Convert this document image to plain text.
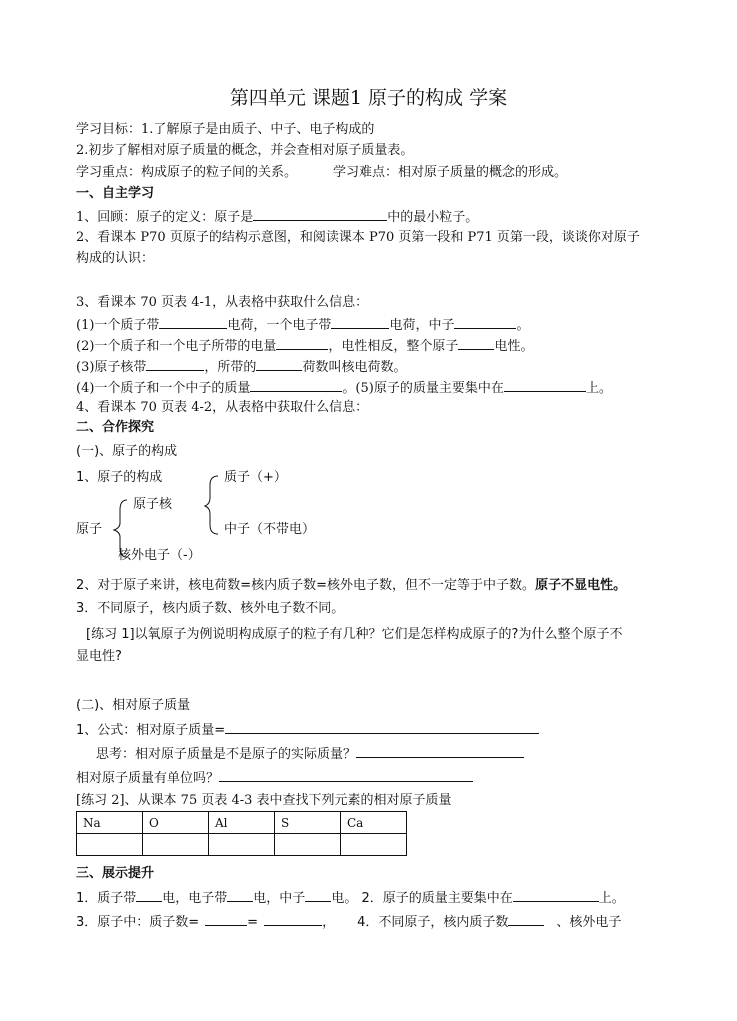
第四单元 课题1 原子的构成 学案
学习目标：1.了解原子是由质子、中子、电子构成的
2.初步了解相对原子质量的概念，并会查相对原子质量表。
学习重点：构成原子的粒子间的关系。	学习难点：相对原子质量的概念的形成。
一、自主学习
1、回顾：原子的定义：原子是	中的最小粒子。
2、看课本 P70 页原子的结构示意图，和阅读课本 P70 页第一段和 P71 页第一段，谈谈你对原子
构成的认识：
3、看课本 70 页表 4-1，从表格中获取什么信息：
(1)一个质子带	电荷，一个电子带	电荷，中子	。
(2)一个质子和一个电子所带的电量	，电性相反，整个原子	电性。
(3)原子核带	，所带的	荷数叫核电荷数。
(4)一个质子和一个中子的质量	。(5)原子的质量主要集中在	上。
4、看课本 70 页表 4-2，从表格中获取什么信息：
二、合作探究
(一)、原子的构成
1、原子的构成	质子（+）
原子核
原子	中子（不带电）
核外电子（-）
2、对于原子来讲，核电荷数=核内质子数=核外电子数，但不一定等于中子数。原子不显电性。
3．不同原子，核内质子数、核外电子数不同。
[练习 1]以氧原子为例说明构成原子的粒子有几种？它们是怎样构成原子的?为什么整个原子不
显电性?
(二)、相对原子质量
1、公式：相对原子质量=
思考：相对原子质量是不是原子的实际质量？
相对原子质量有单位吗？
[练习 2]、从课本 75 页表 4-3 表中查找下列元素的相对原子质量
Na	O	Al	S	Ca

三、展示提升
1．质子带 电，电子带 电，中子 电。 2．原子的质量主要集中在	上。
3．原子中：质子数=	=	， 4．不同原子，核内质子数	、核外电子
